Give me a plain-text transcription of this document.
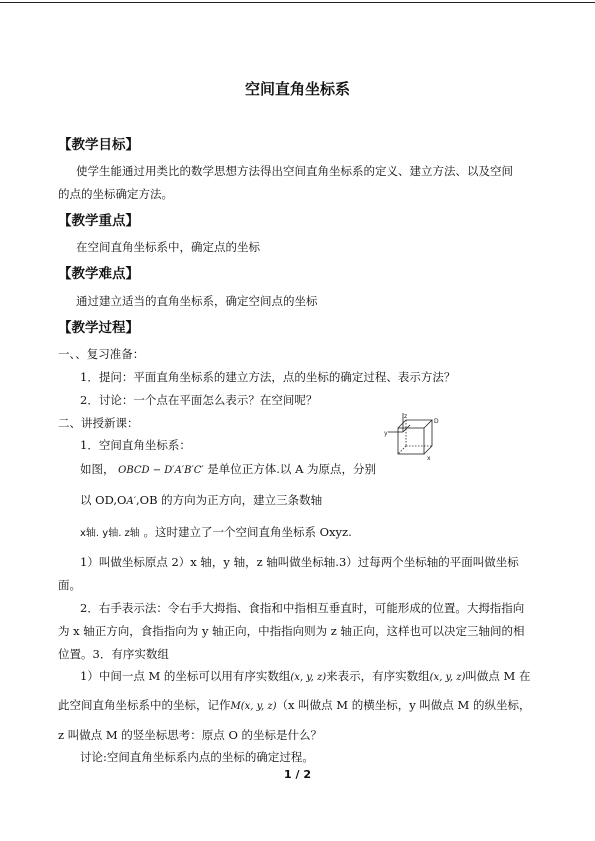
空间直角坐标系
【教学目标】
使学生能通过用类比的数学思想方法得出空间直角坐标系的定义、建立方法、以及空间
的点的坐标确定方法。
【教学重点】
在空间直角坐标系中，确定点的坐标
【教学难点】
通过建立适当的直角坐标系，确定空间点的坐标
【教学过程】
一、、复习准备：
1．提问：平面直角坐标系的建立方法，点的坐标的确定过程、表示方法？
2．讨论：一个点在平面怎么表示？在空间呢？
二、讲授新课：
1．空间直角坐标系：
如图， OBCD − D′A′B′C′ 是单位正方体.以 A 为原点，分别
以 OD,OA′,OB 的方向为正方向，建立三条数轴
x轴. y轴. z轴 。这时建立了一个空间直角坐标系 Oxyz.
1）叫做坐标原点 2）x 轴，y 轴，z 轴叫做坐标轴.3）过每两个坐标轴的平面叫做坐标
面。
2．右手表示法：令右手大拇指、食指和中指相互垂直时，可能形成的位置。大拇指指向
为 x 轴正方向，食指指向为 y 轴正向，中指指向则为 z 轴正向，这样也可以决定三轴间的相
位置。3．有序实数组
1）中间一点 M 的坐标可以用有序实数组(x, y, z)来表示，有序实数组(x, y, z)叫做点 M 在
此空间直角坐标系中的坐标，记作M(x, y, z)（x 叫做点 M 的横坐标，y 叫做点 M 的纵坐标，
z 叫做点 M 的竖坐标思考：原点 O 的坐标是什么？
讨论:空间直角坐标系内点的坐标的确定过程。
z
D
y
x
1 / 2
